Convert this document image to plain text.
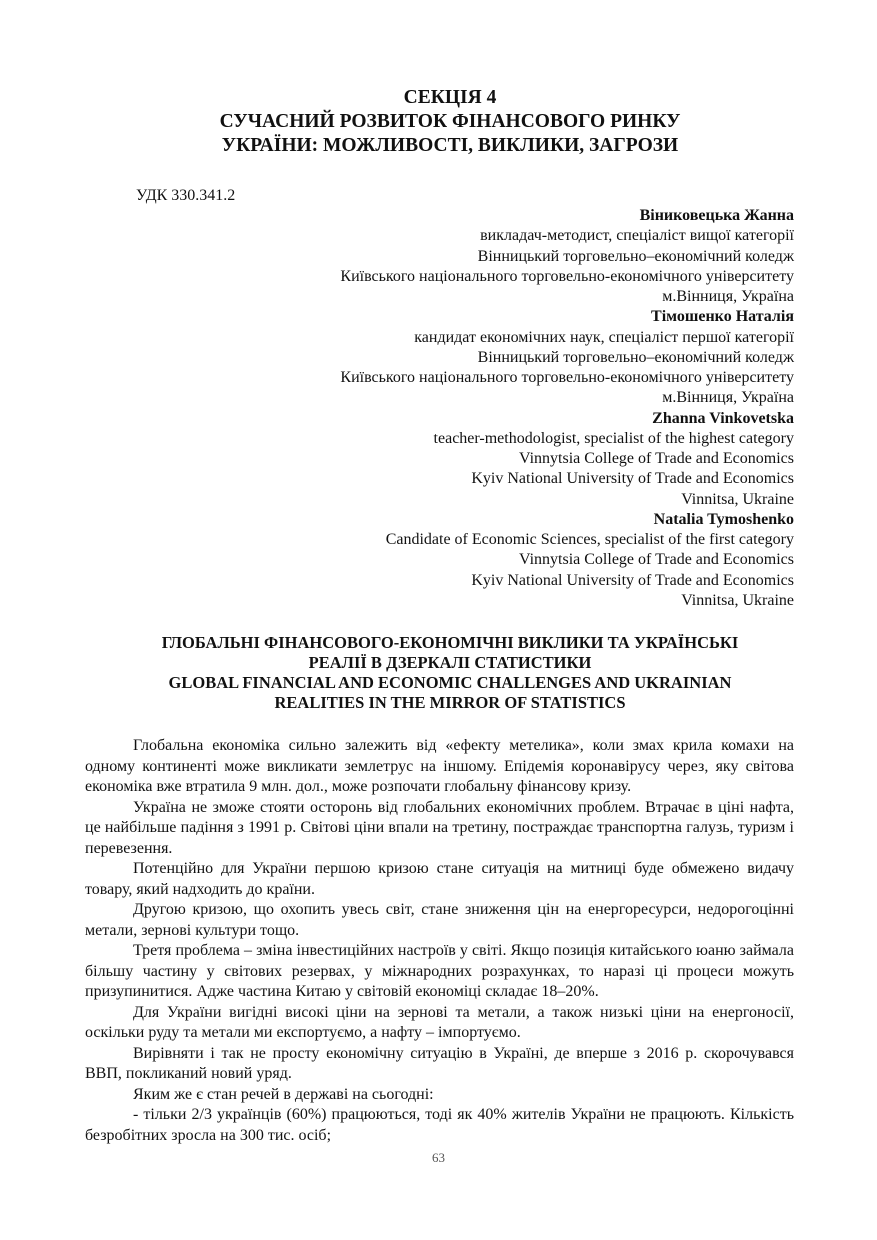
СЕКЦІЯ 4
СУЧАСНИЙ РОЗВИТОК ФІНАНСОВОГО РИНКУ
УКРАЇНИ: МОЖЛИВОСТІ, ВИКЛИКИ, ЗАГРОЗИ
УДК 330.341.2
Віниковецька Жанна
викладач-методист, спеціаліст вищої категорії
Вінницький торговельно–економічний коледж
Київського національного торговельно-економічного університету
м.Вінниця, Україна
Тімошенко Наталія
кандидат економічних наук, спеціаліст першої категорії
Вінницький торговельно–економічний коледж
Київського національного торговельно-економічного університету
м.Вінниця, Україна
Zhanna Vinkovetska
teacher-methodologist, specialist of the highest category
Vinnytsia College of Trade and Economics
Kyiv National University of Trade and Economics
Vinnitsa, Ukraine
Natalia Tymoshenko
Candidate of Economic Sciences, specialist of the first category
Vinnytsia College of Trade and Economics
Kyiv National University of Trade and Economics
Vinnitsa, Ukraine
ГЛОБАЛЬНІ ФІНАНСОВОГО-ЕКОНОМІЧНІ ВИКЛИКИ ТА УКРАЇНСЬКІ
РЕАЛІЇ В ДЗЕРКАЛІ СТАТИСТИКИ
GLOBAL FINANCIAL AND ECONOMIC CHALLENGES AND UKRAINIAN
REALITIES IN THE MIRROR OF STATISTICS

Глобальна економіка сильно залежить від «ефекту метелика», коли змах крила комахи на одному континенті може викликати землетрус на іншому. Епідемія коронавірусу через, яку світова економіка вже втратила 9 млн. дол., може розпочати глобальну фінансову кризу.

Україна не зможе стояти осторонь від глобальних економічних проблем. Втрачає в ціні нафта, це найбільше падіння з 1991 р. Світові ціни впали на третину, постраждає транспортна галузь, туризм і перевезення.

Потенційно для України першою кризою стане ситуація на митниці буде обмежено видачу товару, який надходить до країни.

Другою кризою, що охопить увесь світ, стане зниження цін на енергоресурси, недорогоцінні метали, зернові культури тощо.

Третя проблема – зміна інвестиційних настроїв у світі. Якщо позиція китайського юаню займала більшу частину у світових резервах, у міжнародних розрахунках, то наразі ці процеси можуть призупинитися. Адже частина Китаю у світовій економіці складає 18–20%.

Для України вигідні високі ціни на зернові та метали, а також низькі ціни на енергоносії, оскільки руду та метали ми експортуємо, а нафту – імпортуємо.

Вирівняти і так не просту економічну ситуацію в Україні, де вперше з 2016 р. скорочувався ВВП, покликаний новий уряд.

Яким же є стан речей в державі на сьогодні:

- тільки 2/3 українців (60%) працюються, тоді як 40% жителів України не працюють. Кількість безробітних зросла на 300 тис. осіб;

63
